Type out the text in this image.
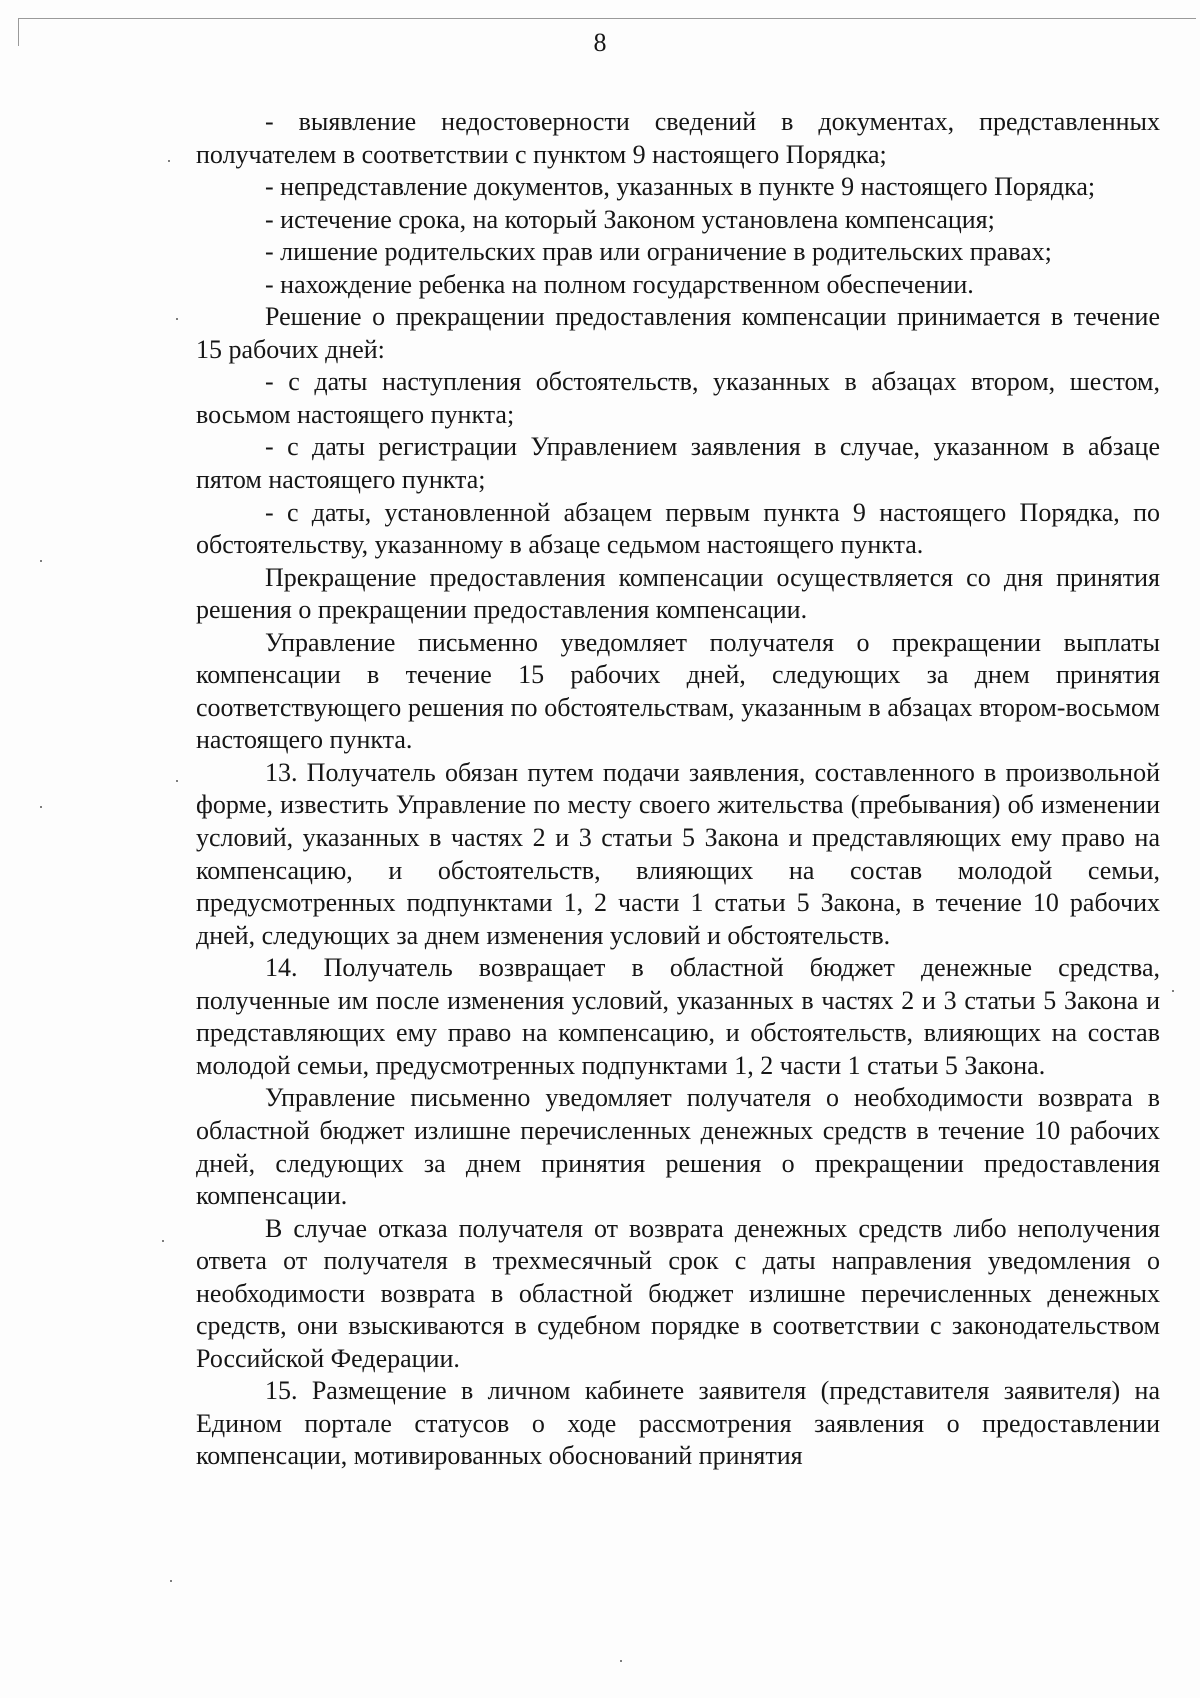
8

- выявление недостоверности сведений в документах, представленных получателем в соответствии с пунктом 9 настоящего Порядка;

- непредставление документов, указанных в пункте 9 настоящего Порядка;

- истечение срока, на который Законом установлена компенсация;

- лишение родительских прав или ограничение в родительских правах;

- нахождение ребенка на полном государственном обеспечении.

Решение о прекращении предоставления компенсации принимается в течение 15 рабочих дней:

- с даты наступления обстоятельств, указанных в абзацах втором, шестом, восьмом настоящего пункта;

- с даты регистрации Управлением заявления в случае, указанном в абзаце пятом настоящего пункта;

- с даты, установленной абзацем первым пункта 9 настоящего Порядка, по обстоятельству, указанному в абзаце седьмом настоящего пункта.

Прекращение предоставления компенсации осуществляется со дня принятия решения о прекращении предоставления компенсации.

Управление письменно уведомляет получателя о прекращении выплаты компенсации в течение 15 рабочих дней, следующих за днем принятия соответствующего решения по обстоятельствам, указанным в абзацах втором-восьмом настоящего пункта.

13. Получатель обязан путем подачи заявления, составленного в произвольной форме, известить Управление по месту своего жительства (пребывания) об изменении условий, указанных в частях 2 и 3 статьи 5 Закона и представляющих ему право на компенсацию, и обстоятельств, влияющих на состав молодой семьи, предусмотренных подпунктами 1, 2 части 1 статьи 5 Закона, в течение 10 рабочих дней, следующих за днем изменения условий и обстоятельств.

14. Получатель возвращает в областной бюджет денежные средства, полученные им после изменения условий, указанных в частях 2 и 3 статьи 5 Закона и представляющих ему право на компенсацию, и обстоятельств, влияющих на состав молодой семьи, предусмотренных подпунктами 1, 2 части 1 статьи 5 Закона.

Управление письменно уведомляет получателя о необходимости возврата в областной бюджет излишне перечисленных денежных средств в течение 10 рабочих дней, следующих за днем принятия решения о прекращении предоставления компенсации.

В случае отказа получателя от возврата денежных средств либо неполучения ответа от получателя в трехмесячный срок с даты направления уведомления о необходимости возврата в областной бюджет излишне перечисленных денежных средств, они взыскиваются в судебном порядке в соответствии с законодательством Российской Федерации.

15. Размещение в личном кабинете заявителя (представителя заявителя) на Едином портале статусов о ходе рассмотрения заявления о предоставлении компенсации, мотивированных обоснований принятия
